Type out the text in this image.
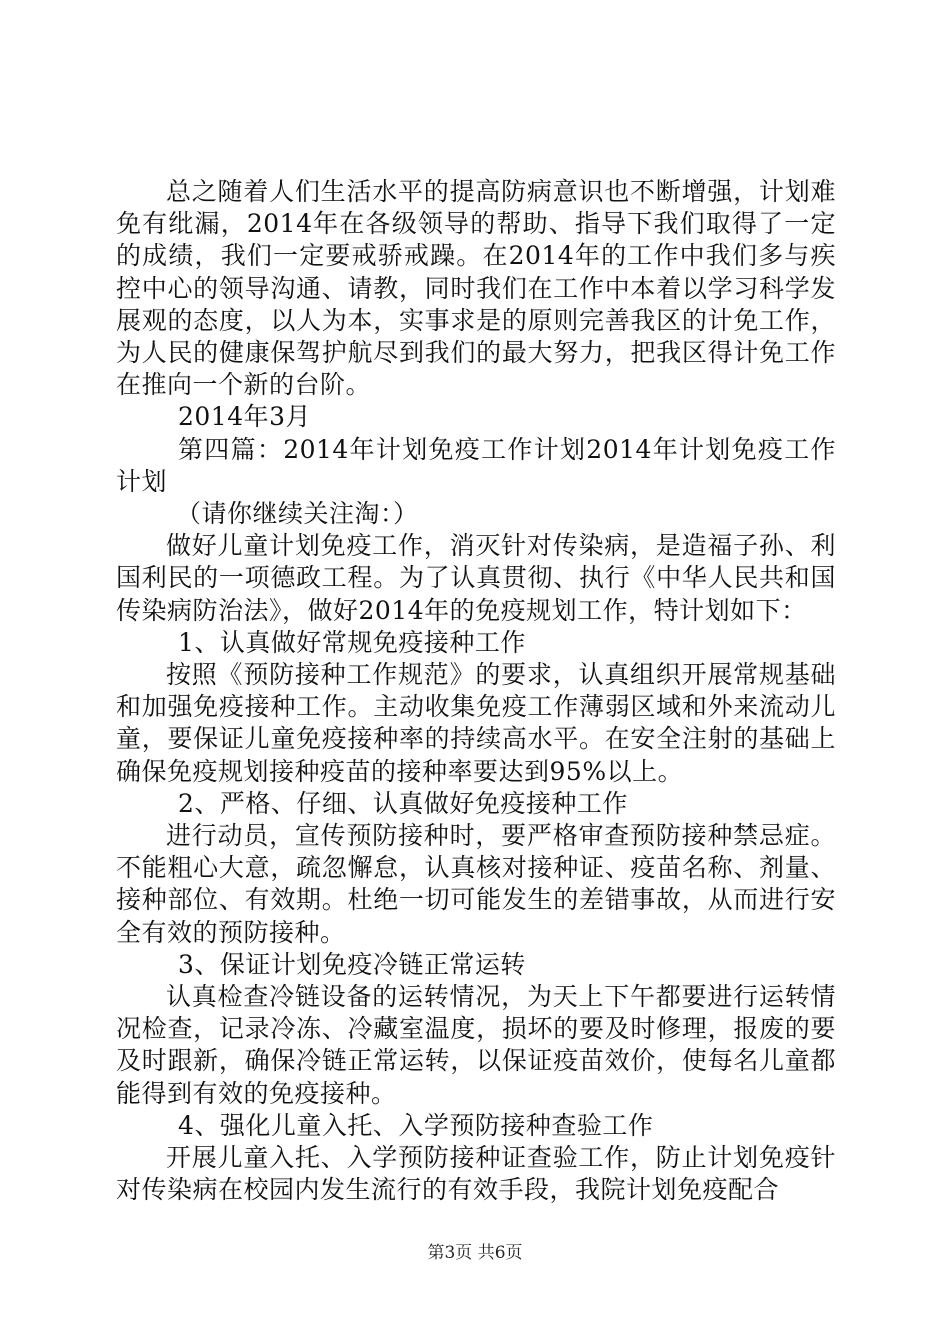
总之随着人们生活水平的提高防病意识也不断增强，计划难免有纰漏，2014年在各级领导的帮助、指导下我们取得了一定的成绩，我们一定要戒骄戒躁。在2014年的工作中我们多与疾控中心的领导沟通、请教，同时我们在工作中本着以学习科学发展观的态度，以人为本，实事求是的原则完善我区的计免工作，为人民的健康保驾护航尽到我们的最大努力，把我区得计免工作在推向一个新的台阶。

2014年3月

第四篇：2014年计划免疫工作计划2014年计划免疫工作计划

（请你继续关注淘：）

做好儿童计划免疫工作，消灭针对传染病，是造福子孙、利国利民的一项德政工程。为了认真贯彻、执行《中华人民共和国传染病防治法》，做好2014年的免疫规划工作，特计划如下：

1、认真做好常规免疫接种工作

按照《预防接种工作规范》的要求，认真组织开展常规基础和加强免疫接种工作。主动收集免疫工作薄弱区域和外来流动儿童，要保证儿童免疫接种率的持续高水平。在安全注射的基础上确保免疫规划接种疫苗的接种率要达到95%以上。

2、严格、仔细、认真做好免疫接种工作

进行动员，宣传预防接种时，要严格审查预防接种禁忌症。不能粗心大意，疏忽懈怠，认真核对接种证、疫苗名称、剂量、接种部位、有效期。杜绝一切可能发生的差错事故，从而进行安全有效的预防接种。

3、保证计划免疫冷链正常运转

认真检查冷链设备的运转情况，为天上下午都要进行运转情况检查，记录冷冻、冷藏室温度，损坏的要及时修理，报废的要及时跟新，确保冷链正常运转，以保证疫苗效价，使每名儿童都能得到有效的免疫接种。

4、强化儿童入托、入学预防接种查验工作

开展儿童入托、入学预防接种证查验工作，防止计划免疫针对传染病在校园内发生流行的有效手段，我院计划免疫配合

第3页 共6页
